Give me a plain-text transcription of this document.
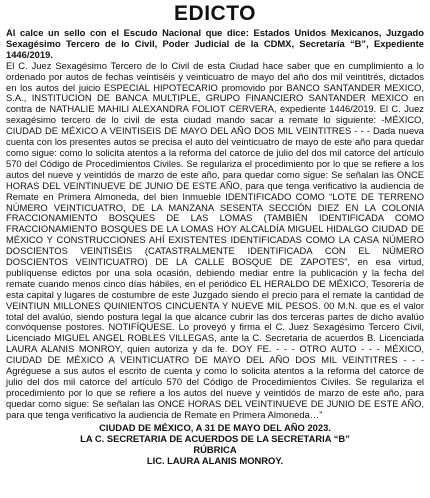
EDICTO

Al calce un sello con el Escudo Nacional que dice: Estados Unidos Mexicanos, Juzgado Sexagésimo Tercero de lo Civil, Poder Judicial de la CDMX, Secretaría “B”, Expediente 1446/2019.

El C. Juez Sexagésimo Tercero de lo Civil de esta Ciudad hace saber que en cumplimiento a lo ordenado por autos de fechas veintiséis y veinticuatro de mayo del año dos mil veintitrés, dictados en los autos del juicio ESPECIAL HIPOTECARIO promovido por BANCO SANTANDER MEXICO, S.A., INSTITUCION DE BANCA MULTIPLE, GRUPO FINANCIERO SANTANDER MEXICO en contra de NATHALIE MAHILI ALEXANDRA FOLIOT CERVERA, expediente 1446/2019. El C. Juez sexagésimo tercero de lo civil de esta ciudad mando sacar a remate lo siguiente: -MÉXICO, CIUDAD DE MÉXICO A VEINTISEIS DE MAYO DEL AÑO DOS MIL VEINTITRES - - - Dada nueva cuenta con los presentes autos se precisa el auto del veinticuatro de mayo de este año para quedar como sigue: como lo solicita atentos a la reforma del catorce de julio del dos mil catorce del artículo 570 del Código de Procedimientos Civiles. Se regulariza el procedimiento por lo que se refiere a los autos del nueve y veintidós de marzo de este año, para quedar como sigue: Se señalan las ONCE HORAS DEL VEINTINUEVE DE JUNIO DE ESTE AÑO, para que tenga verificativo la audiencia de Remate en Primera Almoneda, del bien Inmueble IDENTIFICADO COMO “LOTE DE TERRENO NÚMERO VEINTICUATRO, DE LA MANZANA SESENTA SECCIÓN DIEZ EN LA COLONIA FRACCIONAMIENTO BOSQUES DE LAS LOMAS (TAMBIÉN IDENTIFICADA COMO FRACCIONAMIENTO BOSQUES DE LA LOMAS HOY ALCALDÍA MIGUEL HIDALGO CIUDAD DE MÉXICO Y CONSTRUCCIONES AHÍ EXISTENTES IDENTIFICADAS COMO LA CASA NÚMERO DOSCIENTOS VEINTISÉIS (CATASTRALMENTE IDENTIFICADA CON EL NÚMERO DOSCIENTOS VEINTICUATRO) DE LA CALLE BOSQUE DE ZAPOTES”, en esa virtud, publíquense edictos por una sola ocasión, debiendo mediar entre la publicación y la fecha del remate cuando menos cinco días hábiles, en el periódico EL HERALDO DE MÉXICO, Tesorería de esta capital y lugares de costumbre de este Juzgado siendo el precio para el remate la cantidad de VEINTIUN MILLONES QUINIENTOS CINCUENTA Y NUEVE MIL PESOS. 00 M.N. que es el valor total del avalúo, siendo postura legal la que alcance cubrir las dos terceras partes de dicho avalúo convóquense postores. NOTIFÍQUESE. Lo proveyó y firma el C. Juez Sexagésimo Tercero Civil, Licenciado MIGUEL ANGEL ROBLES VILLEGAS, ante la C. Secretaria de acuerdos B. Licenciada LAURA ALANIS MONROY, quien autoriza y da fe. DOY FE. - - - OTRO AUTO - - - MÉXICO, CIUDAD DE MÉXICO A VEINTICUATRO DE MAYO DEL AÑO DOS MIL VEINTITRES - - - Agréguese a sus autos el escrito de cuenta y como lo solicita atentos a la reforma del catorce de julio del dos mil catorce del artículo 570 del Código de Procedimientos Civiles. Se regulariza el procedimiento por lo que se refiere a los autos del nueve y veintidós de marzo de este año, para quedar como sigue: Se señalan las ONCE HORAS DEL VEINTINUEVE DE JUNIO DE ESTE AÑO, para que tenga verificativo la audiencia de Remate en Primera Almoneda…”

CIUDAD DE MÉXICO, A 31 DE MAYO DEL AÑO 2023.
LA C. SECRETARIA DE ACUERDOS DE LA SECRETARIA “B”
RÚBRICA
LIC. LAURA ALANIS MONROY.
